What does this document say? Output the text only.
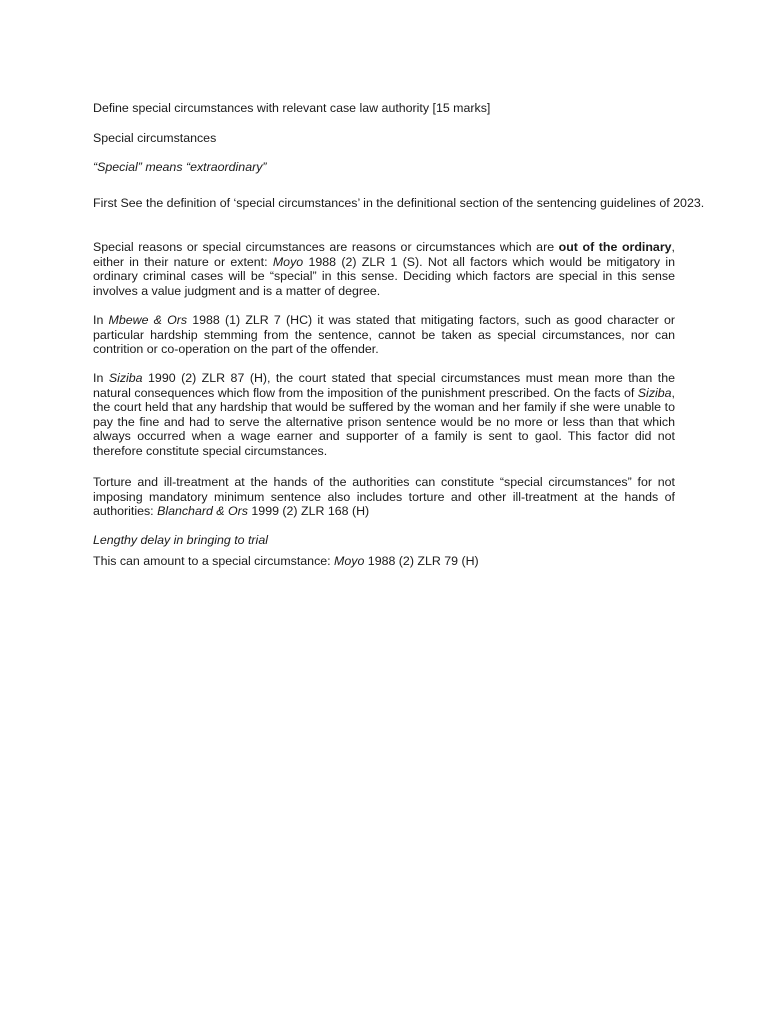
Define special circumstances with relevant case law authority [15 marks]

Special circumstances

“Special” means “extraordinary”

First See the definition of ‘special circumstances’ in the definitional section of the sentencing guidelines of 2023.

Special reasons or special circumstances are reasons or circumstances which are out of the ordinary, either in their nature or extent: Moyo 1988 (2) ZLR 1 (S). Not all factors which would be mitigatory in ordinary criminal cases will be “special” in this sense. Deciding which factors are special in this sense involves a value judgment and is a matter of degree.

In Mbewe & Ors 1988 (1) ZLR 7 (HC) it was stated that mitigating factors, such as good character or particular hardship stemming from the sentence, cannot be taken as special circumstances, nor can contrition or co-operation on the part of the offender.

In Siziba 1990 (2) ZLR 87 (H), the court stated that special circumstances must mean more than the natural consequences which flow from the imposition of the punishment prescribed. On the facts of Siziba, the court held that any hardship that would be suffered by the woman and her family if she were unable to pay the fine and had to serve the alternative prison sentence would be no more or less than that which always occurred when a wage earner and supporter of a family is sent to gaol. This factor did not therefore constitute special circumstances.

Torture and ill-treatment at the hands of the authorities can constitute “special circumstances” for not imposing mandatory minimum sentence also includes torture and other ill-treatment at the hands of authorities: Blanchard & Ors 1999 (2) ZLR 168 (H)

Lengthy delay in bringing to trial

This can amount to a special circumstance: Moyo 1988 (2) ZLR 79 (H)
